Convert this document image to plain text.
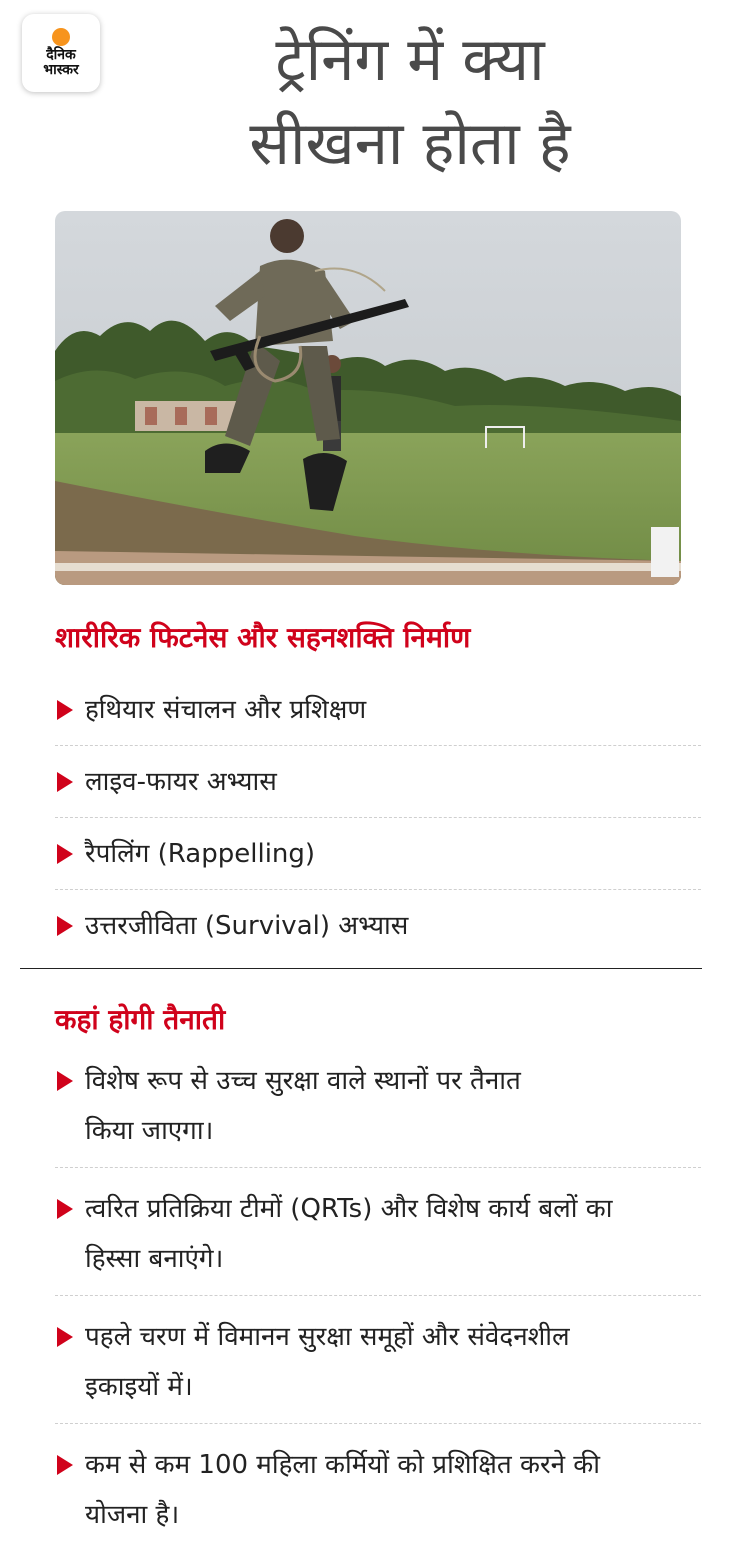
दैनिक
भास्कर	ट्रेनिंग में क्या
सीखना होता है
शारीरिक फिटनेस और सहनशक्ति निर्माण
हथियार संचालन और प्रशिक्षण
लाइव-फायर अभ्यास
रैपलिंग (Rappelling)
उत्तरजीविता (Survival) अभ्यास
कहां होगी तैनाती
विशेष रूप से उच्च सुरक्षा वाले स्थानों पर तैनात
किया जाएगा।
त्वरित प्रतिक्रिया टीमों (QRTs) और विशेष कार्य बलों का
हिस्सा बनाएंगे।
पहले चरण में विमानन सुरक्षा समूहों और संवेदनशील
इकाइयों में।
कम से कम 100 महिला कर्मियों को प्रशिक्षित करने की
योजना है।
